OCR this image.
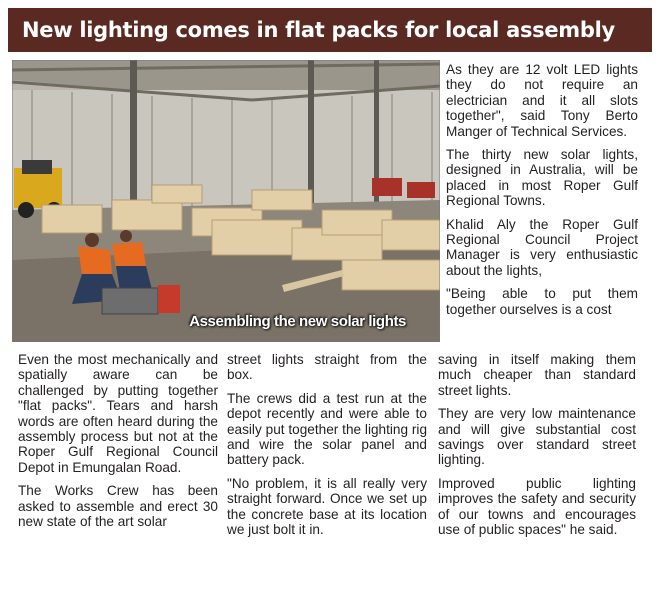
New lighting comes in flat packs for local assembly
Assembling the new solar lights

As they are 12 volt LED lights they do not require an electrician and it all slots together", said Tony Berto Manger of Technical Services.

The thirty new solar lights, designed in Australia, will be placed in most Roper Gulf Regional Towns.

Khalid Aly the Roper Gulf Regional Council Project Manager is very enthusiastic about the lights,

"Being able to put them together ourselves is a cost

Even the most mechanically and spatially aware can be challenged by putting together "flat packs". Tears and harsh words are often heard during the assembly process but not at the Roper Gulf Regional Council Depot in Emungalan Road.

The Works Crew has been asked to assemble and erect 30 new state of the art solar

street lights straight from the box.

The crews did a test run at the depot recently and were able to easily put together the lighting rig and wire the solar panel and battery pack.

"No problem, it is all really very straight forward. Once we set up the concrete base at its location we just bolt it in.

saving in itself making them much cheaper than standard street lights.

They are very low maintenance and will give substantial cost savings over standard street lighting.

Improved public lighting improves the safety and security of our towns and encourages use of public spaces" he said.
